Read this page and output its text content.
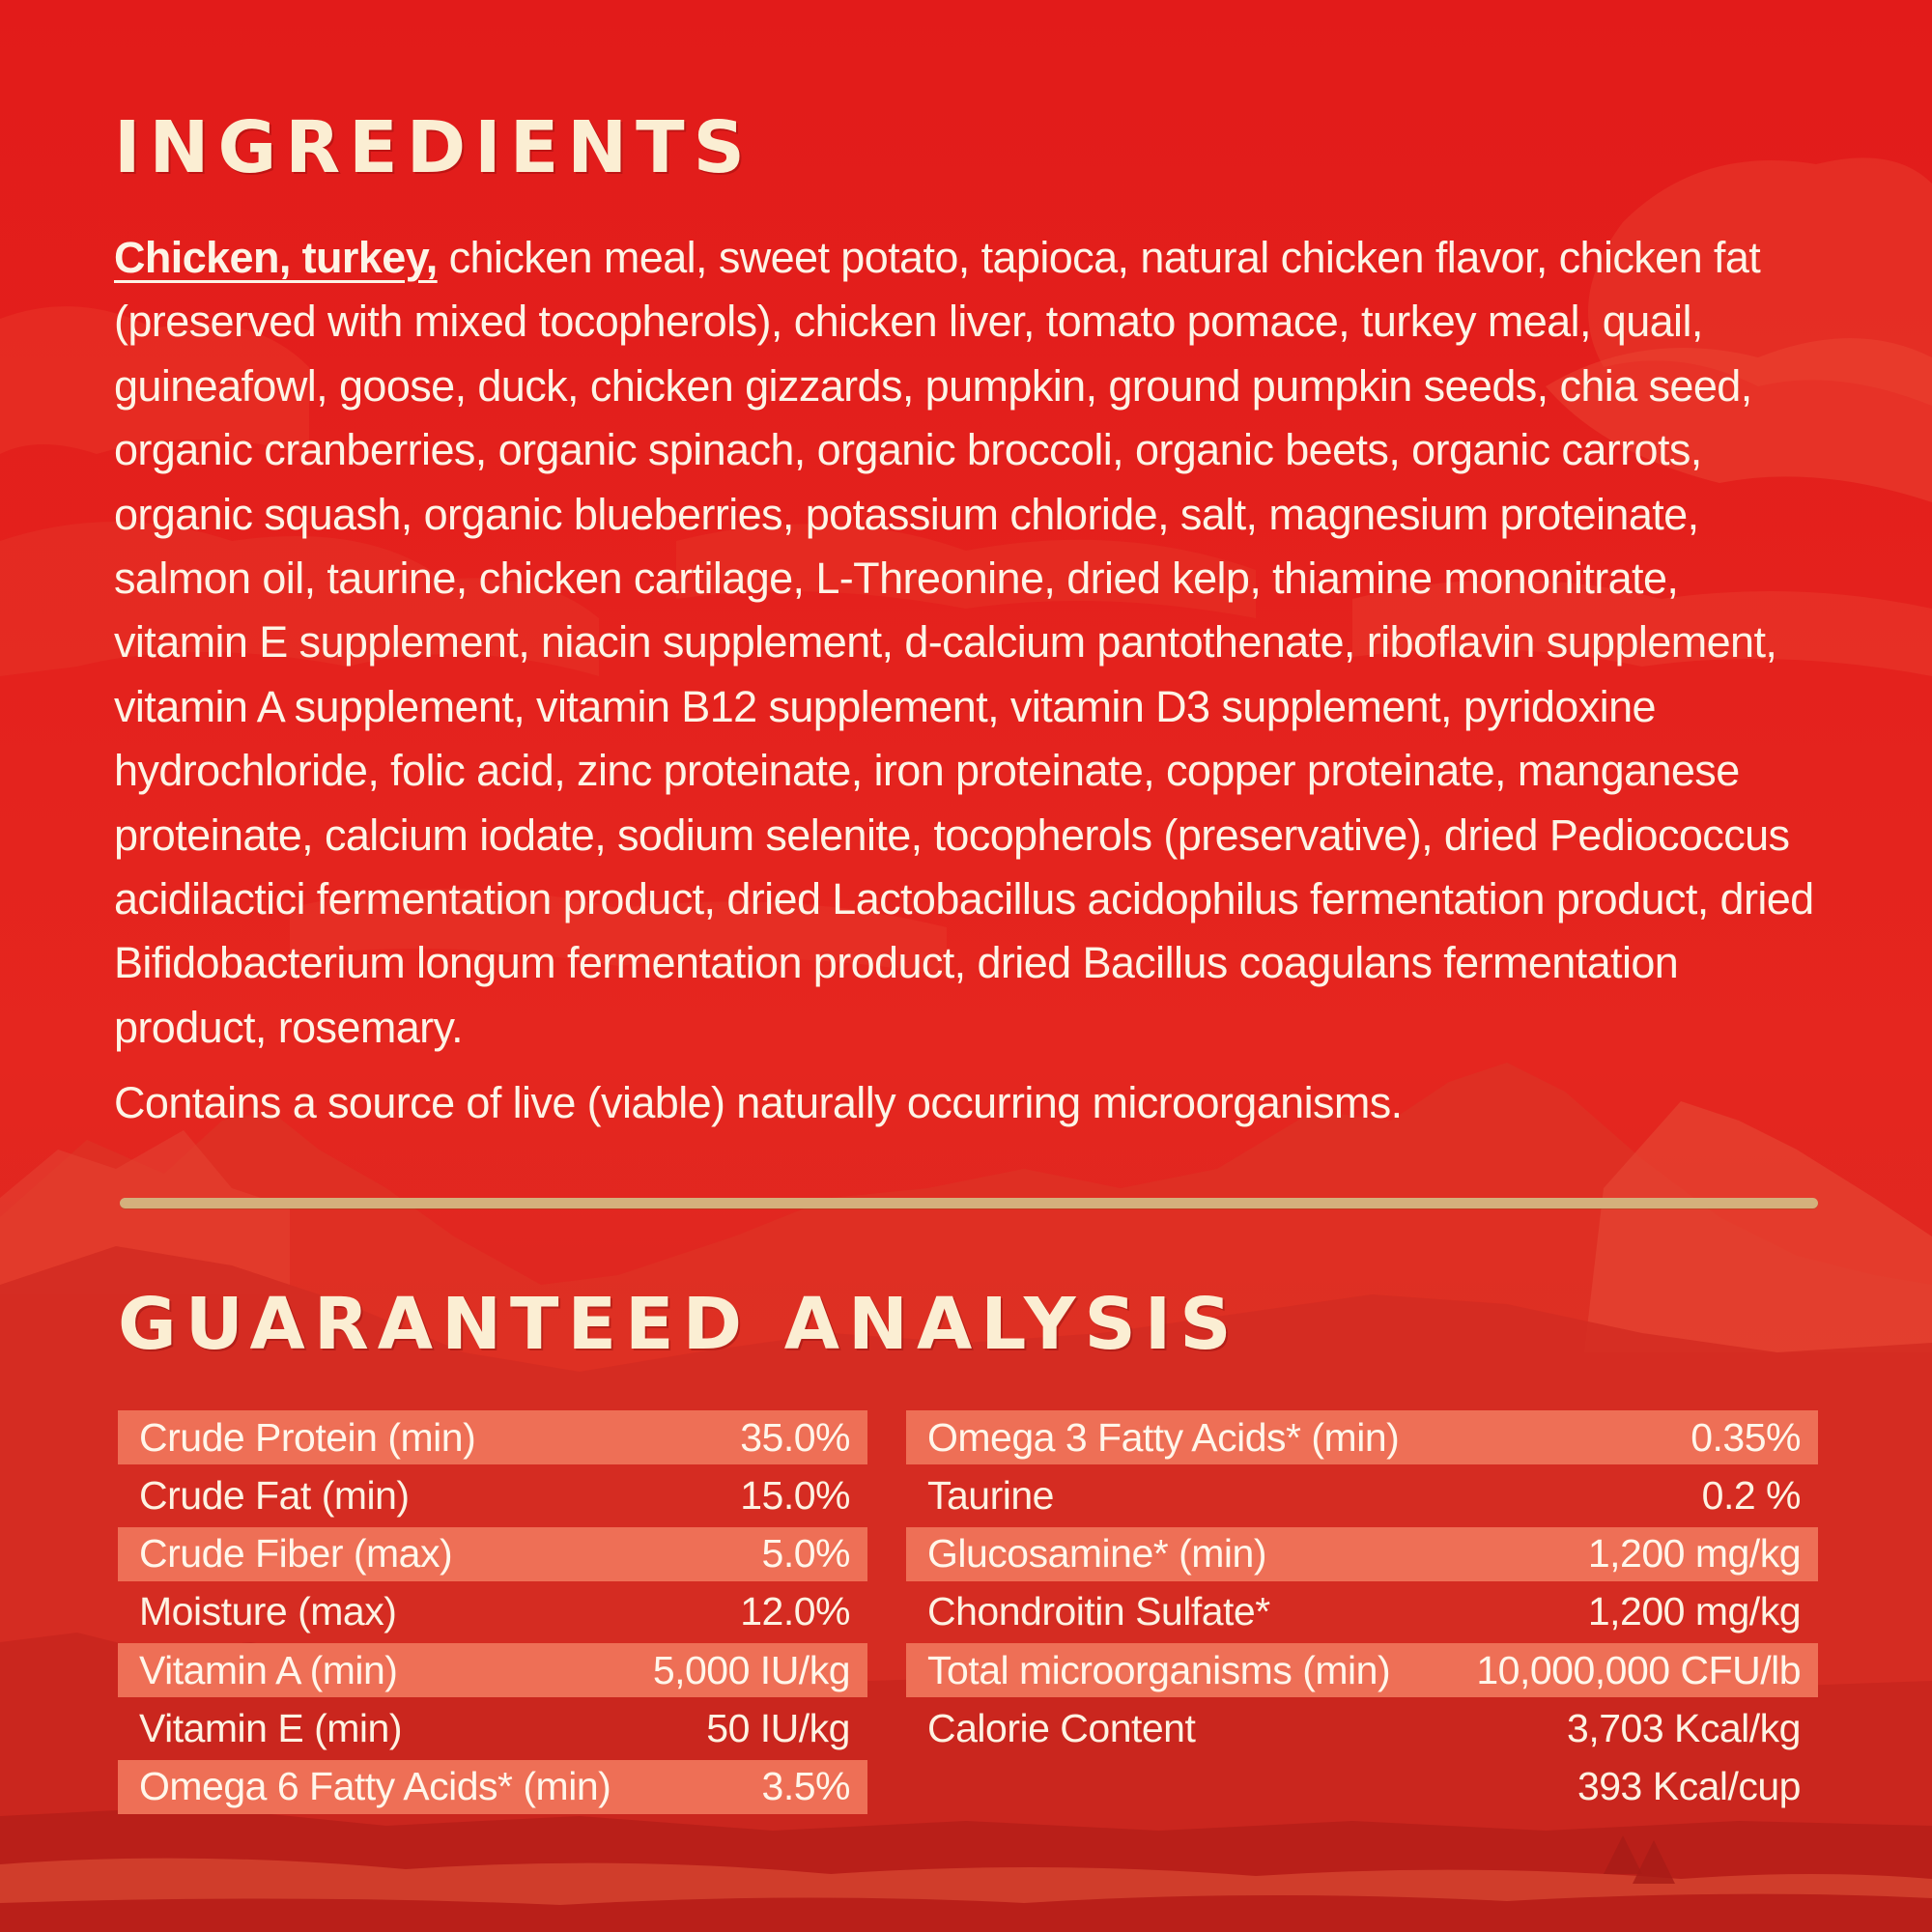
INGREDIENTS
Chicken, turkey, chicken meal, sweet potato, tapioca, natural chicken flavor, chicken fat (preserved with mixed tocopherols), chicken liver, tomato pomace, turkey meal, quail, guineafowl, goose, duck, chicken gizzards, pumpkin, ground pumpkin seeds, chia seed, organic cranberries, organic spinach, organic broccoli, organic beets, organic carrots, organic squash, organic blueberries, potassium chloride, salt, magnesium proteinate, salmon oil, taurine, chicken cartilage, L-Threonine, dried kelp, thiamine mononitrate, vitamin E supplement, niacin supplement, d-calcium pantothenate, riboflavin supplement, vitamin A supplement, vitamin B12 supplement, vitamin D3 supplement, pyridoxine hydrochloride, folic acid, zinc proteinate, iron proteinate, copper proteinate, manganese proteinate, calcium iodate, sodium selenite, tocopherols (preservative), dried Pediococcus acidilactici fermentation product, dried Lactobacillus acidophilus fermentation product, dried Bifidobacterium longum fermentation product, dried Bacillus coagulans fermentation product, rosemary.
Contains a source of live (viable) naturally occurring microorganisms.
GUARANTEED ANALYSIS
Crude Protein (min)	35.0%
Crude Fat (min)	15.0%
Crude Fiber (max)	5.0%
Moisture (max)	12.0%
Vitamin A (min)	5,000 IU/kg
Vitamin E (min)	50 IU/kg
Omega 6 Fatty Acids* (min)	3.5%
Omega 3 Fatty Acids* (min)	0.35%
Taurine	0.2 %
Glucosamine* (min)	1,200 mg/kg
Chondroitin Sulfate*	1,200 mg/kg
Total microorganisms (min) 10,000,000 CFU/lb
Calorie Content	3,703 Kcal/kg
393 Kcal/cup
